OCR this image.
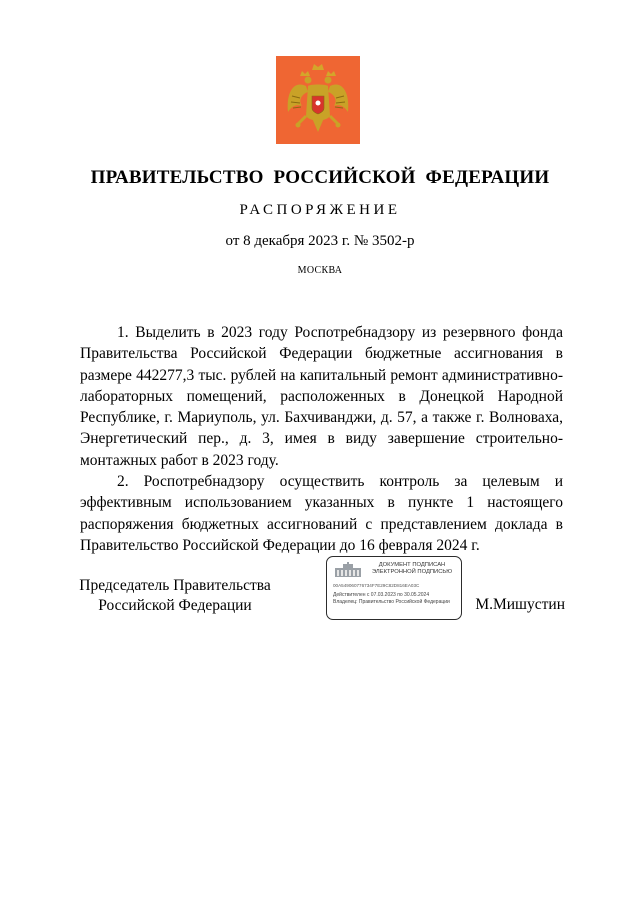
ПРАВИТЕЛЬСТВО РОССИЙСКОЙ ФЕДЕРАЦИИ
РАСПОРЯЖЕНИЕ
от 8 декабря 2023 г. № 3502-р
МОСКВА

1. Выделить в 2023 году Роспотребнадзору из резервного фонда Правительства Российской Федерации бюджетные ассигнования в размере 442277,3 тыс. рублей на капитальный ремонт административно-лабораторных помещений, расположенных в Донецкой Народной Республике, г. Мариуполь, ул. Бахчиванджи, д. 57, а также г. Волноваха, Энергетический пер., д. 3, имея в виду завершение строительно-монтажных работ в 2023 году.

2. Роспотребнадзору осуществить контроль за целевым и эффективным использованием указанных в пункте 1 настоящего распоряжения бюджетных ассигнований с представлением доклада в Правительство Российской Федерации до 16 февраля 2024 г.

Председатель Правительства
Российской Федерации
ДОКУМЕНТ ПОДПИСАН
ЭЛЕКТРОННОЙ ПОДПИСЬЮ
00A549060776734F7E29C82D816EA03C
Действителен с 07.03.2023 по 30.05.2024
Владелец: Правительство Российской Федерации	М.Мишустин
